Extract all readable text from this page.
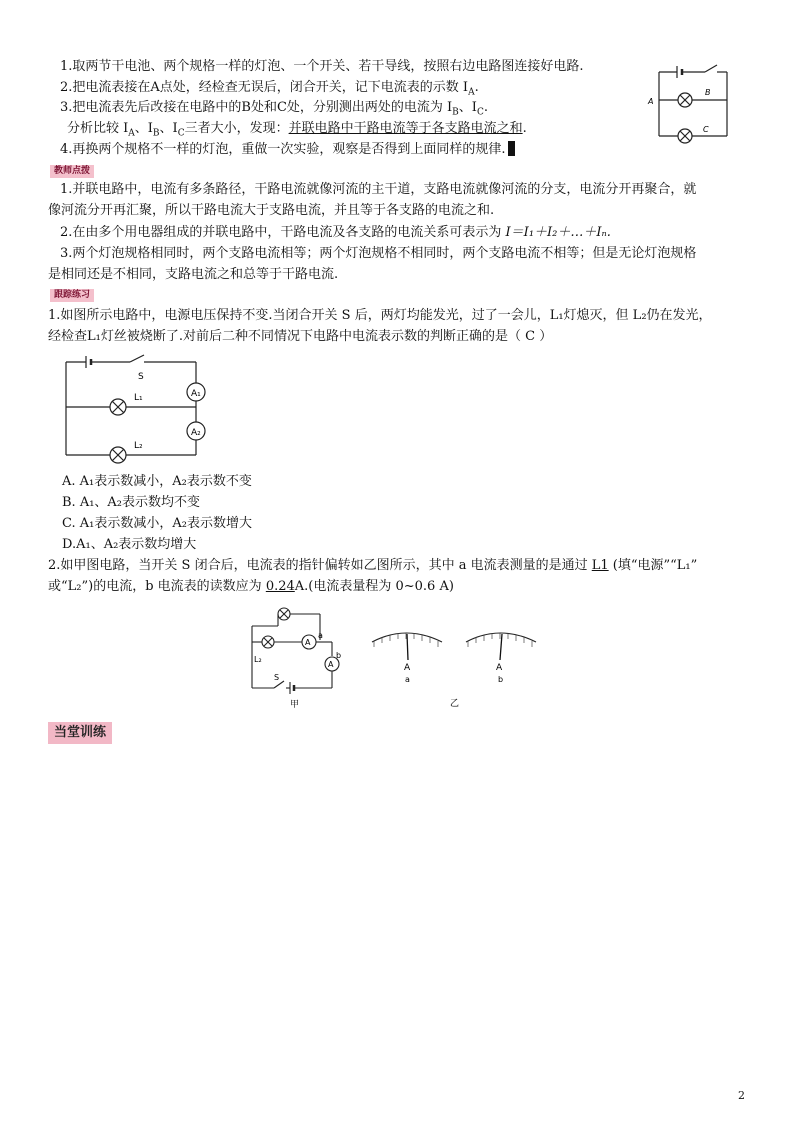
1.取两节干电池、两个规格一样的灯泡、一个开关、若干导线，按照右边电路图连接好电路.
2.把电流表接在A点处，经检查无误后，闭合开关，记下电流表的示数 $I_A$.
3.把电流表先后改接在电路中的B处和C处，分别测出两处的电流为 $I_B$、$I_C$.
分析比较 $I_A$、$I_B$、$I_C$三者大小，发现：并联电路中干路电流等于各支路电流之和.
4.再换两个规格不一样的灯泡，重做一次实验，观察是否得到上面同样的规律.
A
B
C
教师点拨
1.并联电路中，电流有多条路径，干路电流就像河流的主干道，支路电流就像河流的分支，电流分开再聚合，就
像河流分开再汇聚，所以干路电流大于支路电流，并且等于各支路的电流之和.
2.在由多个用电器组成的并联电路中，干路电流及各支路的电流关系可表示为 I＝I₁＋I₂＋…＋Iₙ.
3.两个灯泡规格相同时，两个支路电流相等；两个灯泡规格不相同时，两个支路电流不相等；但是无论灯泡规格
是相同还是不相同，支路电流之和总等于干路电流.
跟踪练习
1.如图所示电路中，电源电压保持不变.当闭合开关 S 后，两灯均能发光，过了一会儿，L₁灯熄灭，但 L₂仍在发光，
经检查L₁灯丝被烧断了.对前后二种不同情况下电路中电流表示数的判断正确的是（ C ）
S
A₁
A₂
L₁
L₂
A. A₁表示数减小，A₂表示数不变
B. A₁、A₂表示数均不变
C. A₁表示数减小，A₂表示数增大
D.A₁、A₂表示数均增大
2.如甲图电路，当开关 S 闭合后，电流表的指针偏转如乙图所示，其中 a 电流表测量的是通过 L1 (填“电源”“L₁”
或“L₂”)的电流，b 电流表的读数应为 0.24A.(电流表量程为 0~0.6 A)
L₂
A
A
a
b
S
甲
A	A
a	b
乙
当堂训练
2
